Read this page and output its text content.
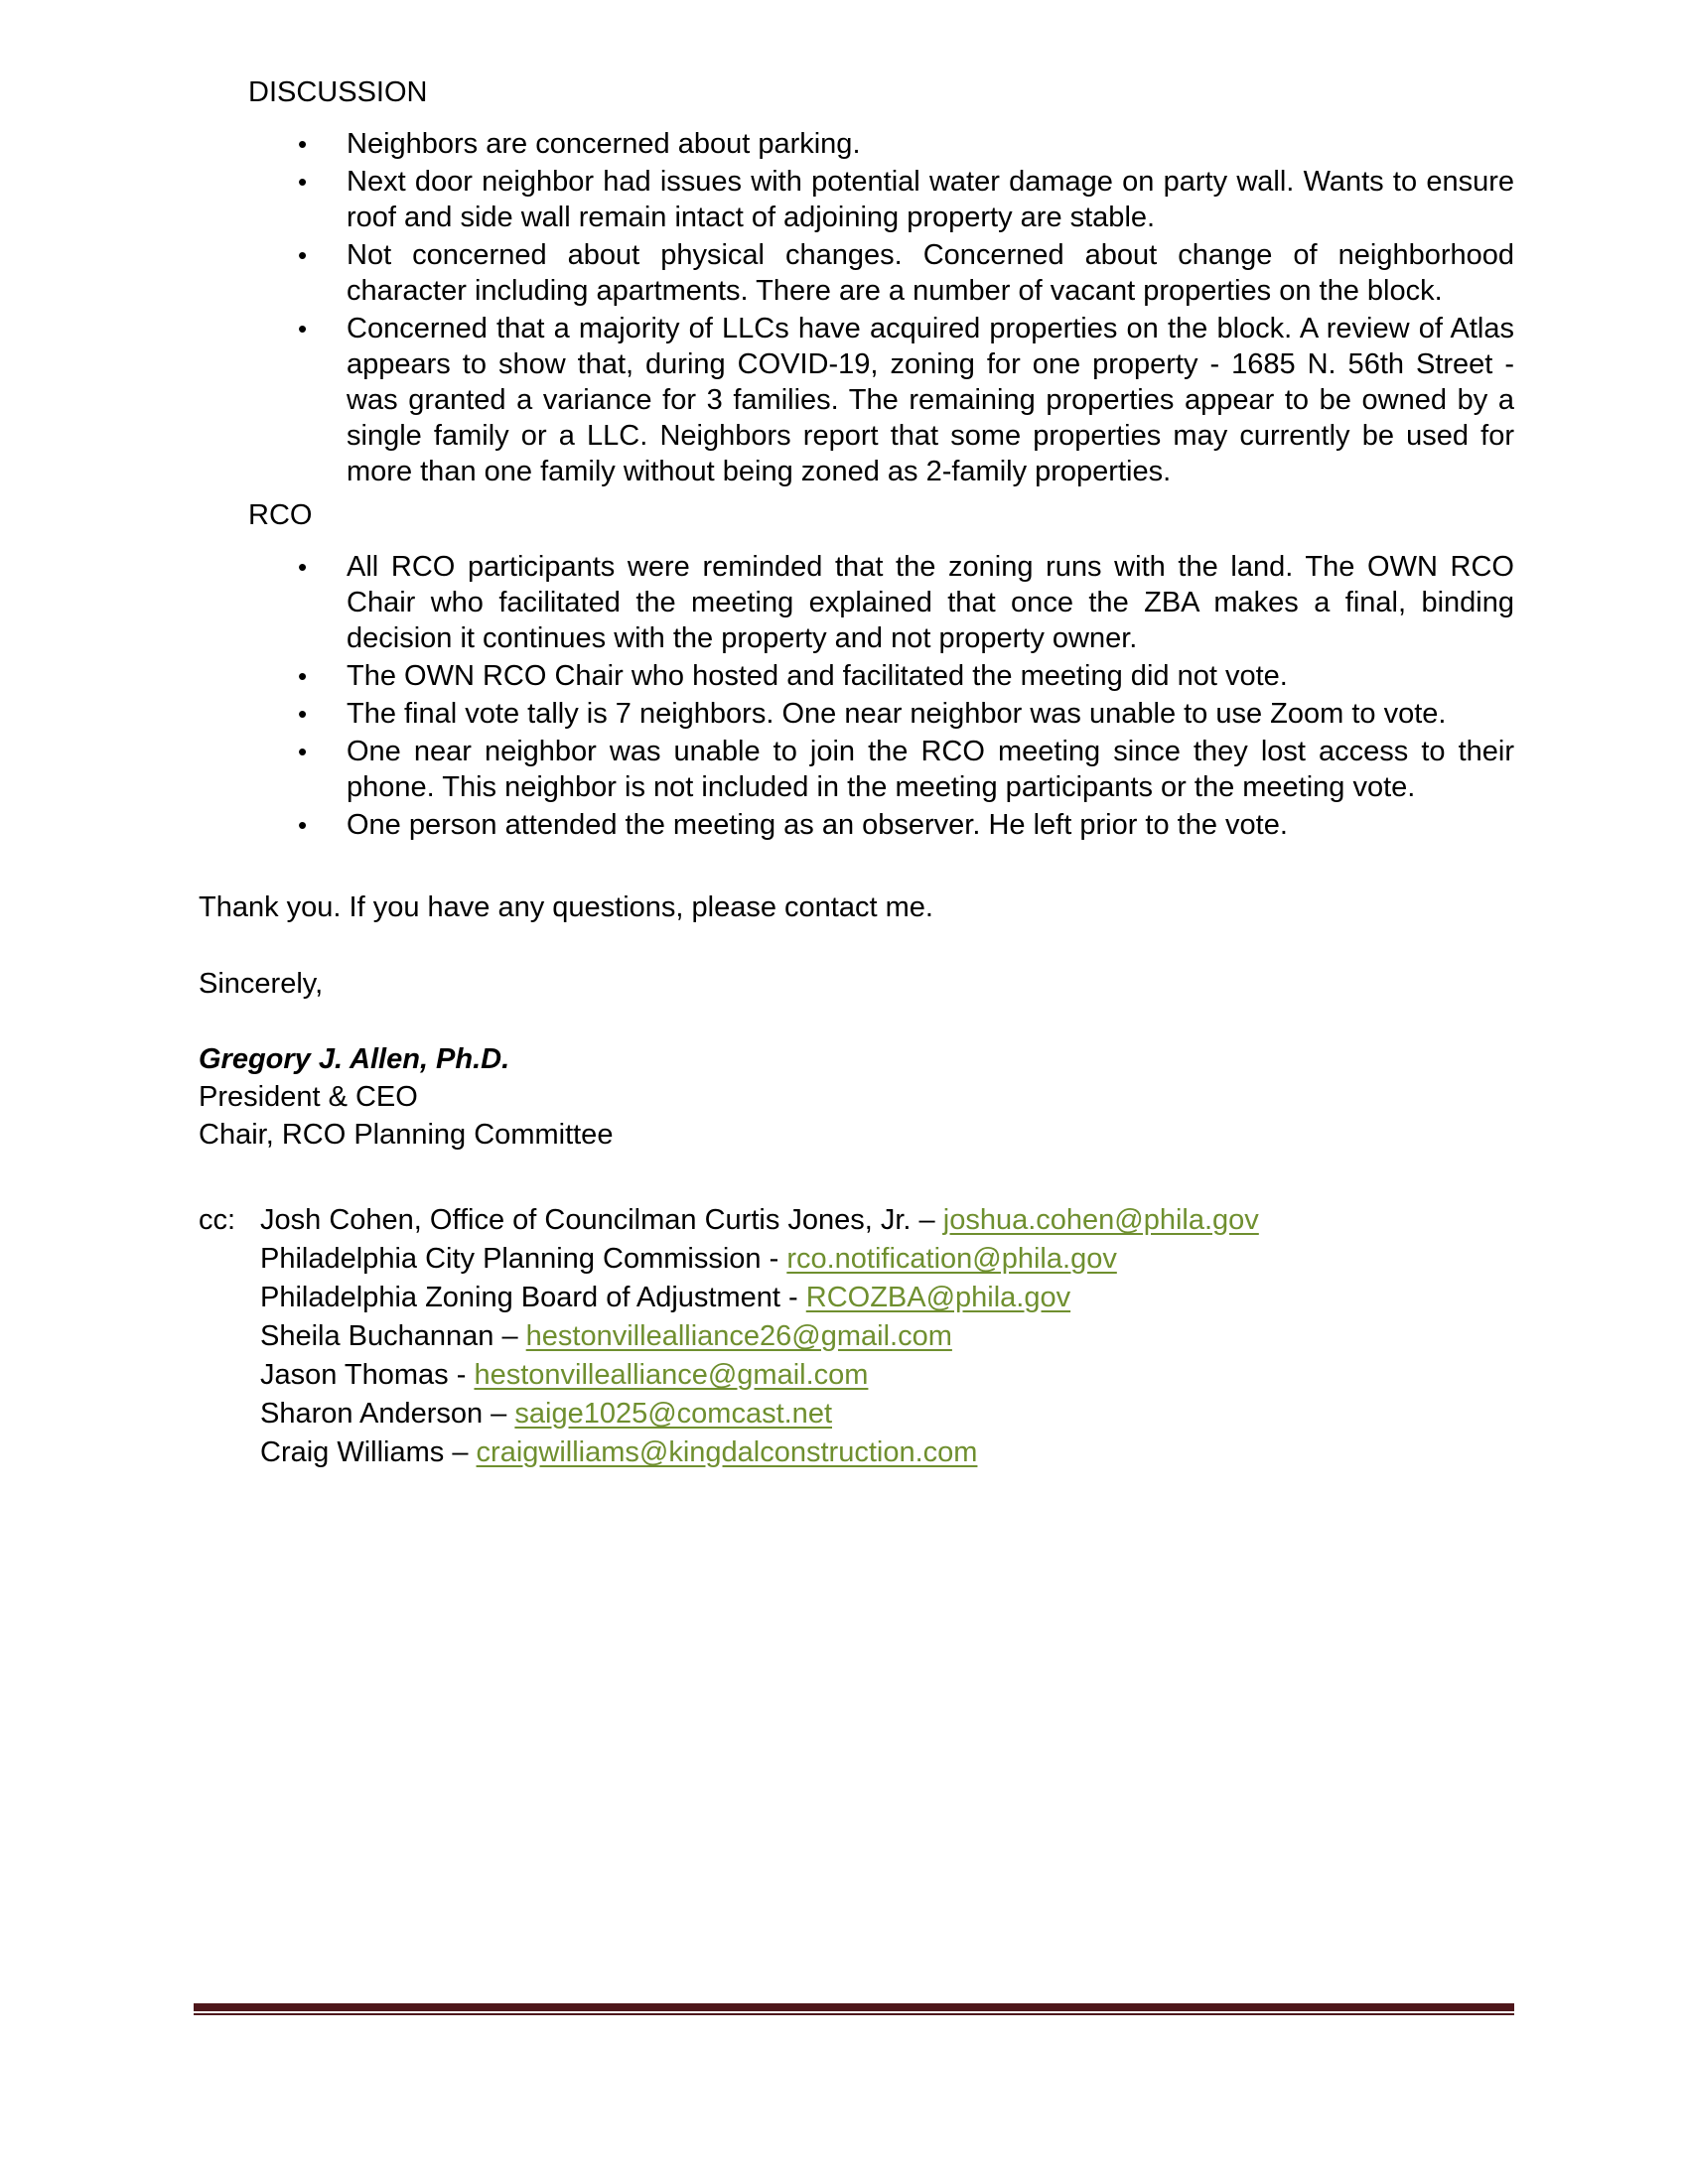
DISCUSSION
• Neighbors are concerned about parking.
• Next door neighbor had issues with potential water damage on party wall. Wants to ensure roof and side wall remain intact of adjoining property are stable.
• Not concerned about physical changes. Concerned about change of neighborhood character including apartments. There are a number of vacant properties on the block.
• Concerned that a majority of LLCs have acquired properties on the block. A review of Atlas appears to show that, during COVID-19, zoning for one property - 1685 N. 56th Street - was granted a variance for 3 families. The remaining properties appear to be owned by a single family or a LLC. Neighbors report that some properties may currently be used for more than one family without being zoned as 2-family properties.
RCO
• All RCO participants were reminded that the zoning runs with the land. The OWN RCO Chair who facilitated the meeting explained that once the ZBA makes a final, binding decision it continues with the property and not property owner.
• The OWN RCO Chair who hosted and facilitated the meeting did not vote.
• The final vote tally is 7 neighbors. One near neighbor was unable to use Zoom to vote.
• One near neighbor was unable to join the RCO meeting since they lost access to their phone. This neighbor is not included in the meeting participants or the meeting vote.
• One person attended the meeting as an observer. He left prior to the vote.
Thank you. If you have any questions, please contact me.
Sincerely,
Gregory J. Allen, Ph.D.
President & CEO
Chair, RCO Planning Committee
cc: Josh Cohen, Office of Councilman Curtis Jones, Jr. – joshua.cohen@phila.gov
Philadelphia City Planning Commission - rco.notification@phila.gov
Philadelphia Zoning Board of Adjustment - RCOZBA@phila.gov
Sheila Buchannan – hestonvillealliance26@gmail.com
Jason Thomas - hestonvillealliance@gmail.com
Sharon Anderson – saige1025@comcast.net
Craig Williams – craigwilliams@kingdalconstruction.com
